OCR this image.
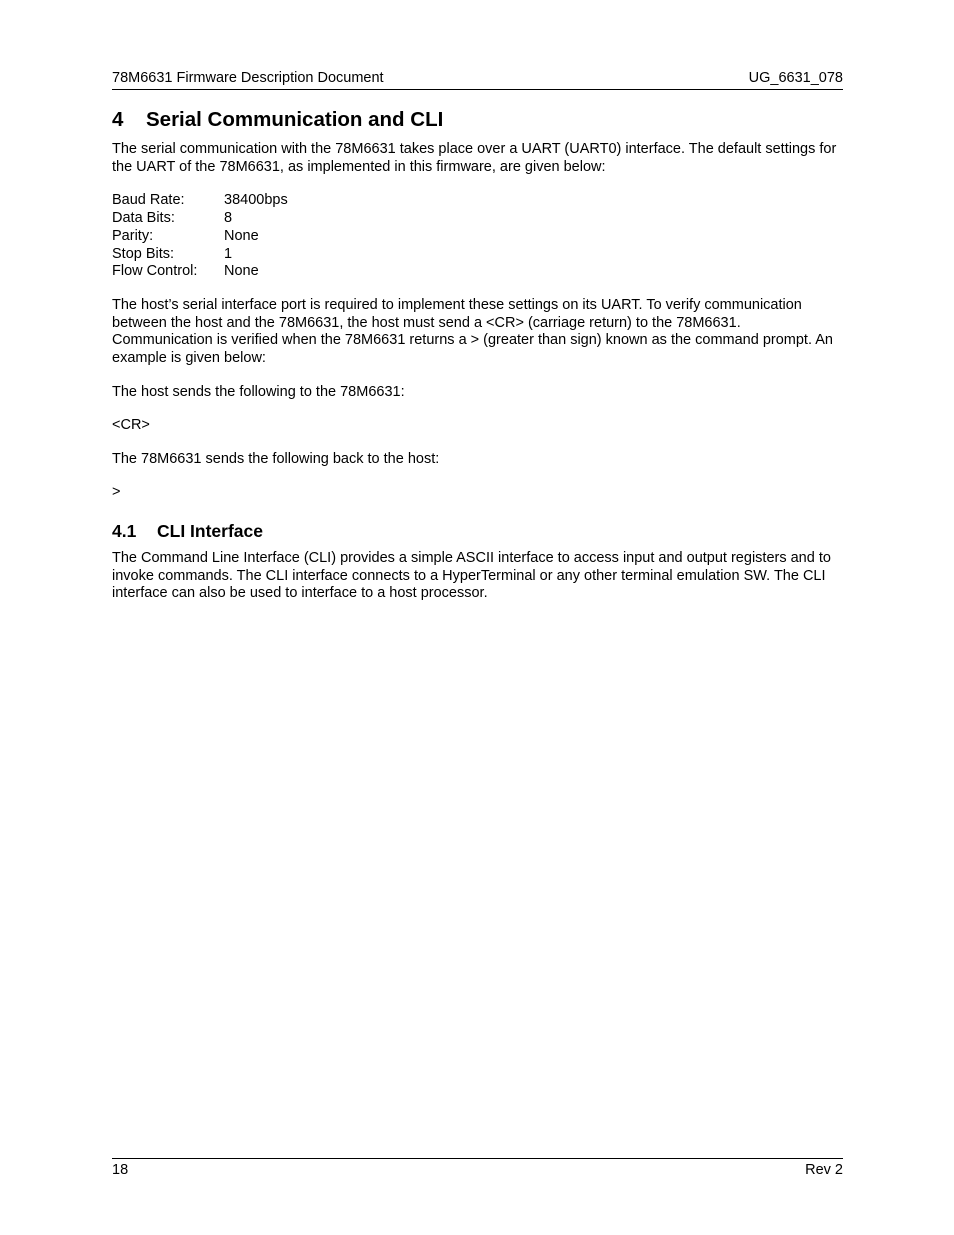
78M6631 Firmware Description Document	UG_6631_078
4	Serial Communication and CLI

The serial communication with the 78M6631 takes place over a UART (UART0) interface. The default settings for the UART of the 78M6631, as implemented in this firmware, are given below:

Baud Rate:	38400bps
Data Bits:	8
Parity:	None
Stop Bits:	1
Flow Control:	None

The host’s serial interface port is required to implement these settings on its UART. To verify communication between the host and the 78M6631, the host must send a <CR> (carriage return) to the 78M6631. Communication is verified when the 78M6631 returns a > (greater than sign) known as the command prompt. An example is given below:

The host sends the following to the 78M6631:

<CR>

The 78M6631 sends the following back to the host:

>

4.1	CLI Interface

The Command Line Interface (CLI) provides a simple ASCII interface to access input and output registers and to invoke commands. The CLI interface connects to a HyperTerminal or any other terminal emulation SW. The CLI interface can also be used to interface to a host processor.

18	Rev 2
